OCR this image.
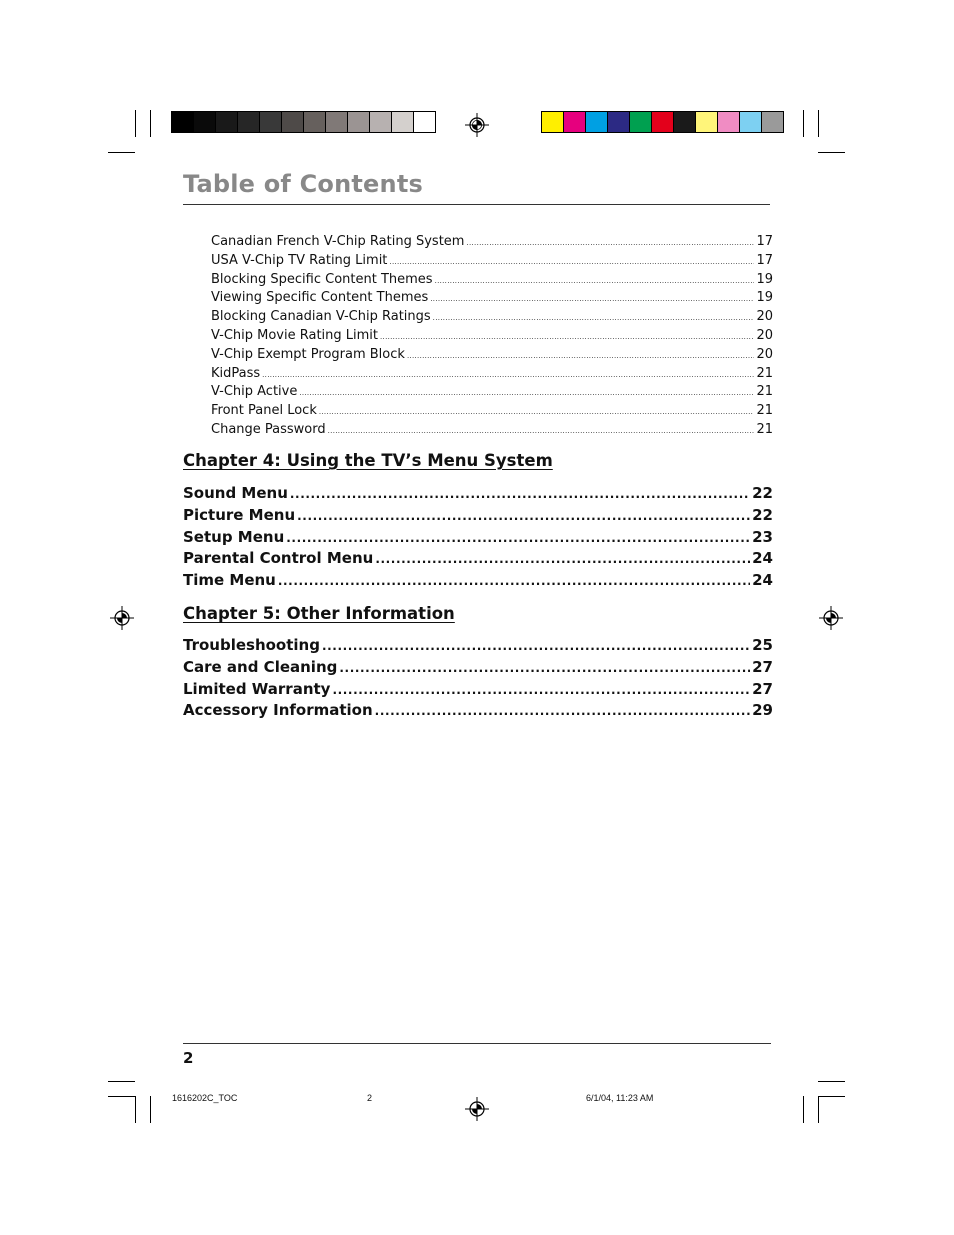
Table of Contents
Canadian French V-Chip Rating System .....	17
USA V-Chip TV Rating Limit .....	17
Blocking Specific Content Themes .....	19
Viewing Specific Content Themes .....	19
Blocking Canadian V-Chip Ratings .....	20
V-Chip Movie Rating Limit .....	20
V-Chip Exempt Program Block .....	20
KidPass .....	21
V-Chip Active .....	21
Front Panel Lock .....	21
Change Password .....	21
Chapter 4: Using the TV’s Menu System
Sound Menu .....	22
Picture Menu .....	22
Setup Menu .....	23
Parental Control Menu .....	24
Time Menu .....	24
Chapter 5: Other Information
Troubleshooting .....	25
Care and Cleaning .....	27
Limited Warranty .....	27
Accessory Information .....	29
2
1616202C_TOC	2	6/1/04, 11:23 AM
